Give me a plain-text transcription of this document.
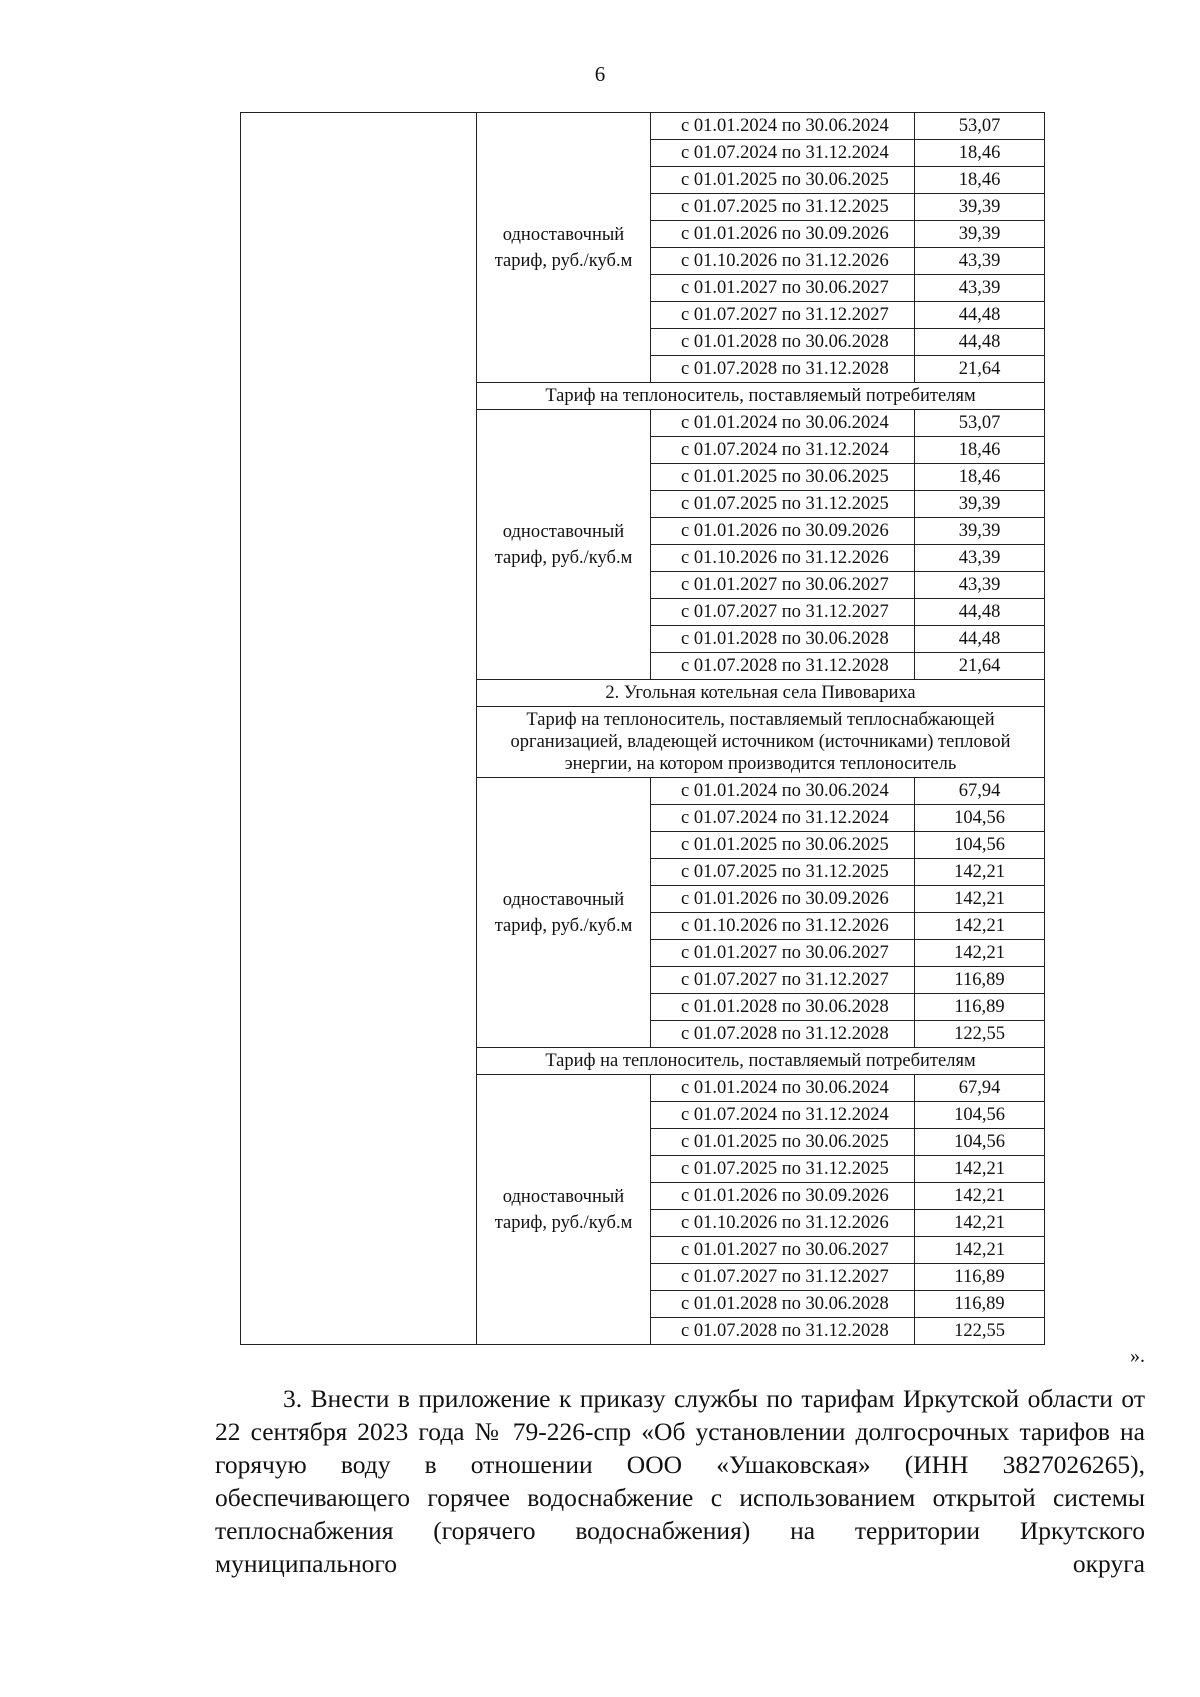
6
	одноставочный тариф, руб./куб.м	с 01.01.2024 по 30.06.2024	53,07
		с 01.07.2024 по 31.12.2024	18,46
		с 01.01.2025 по 30.06.2025	18,46
		с 01.07.2025 по 31.12.2025	39,39
		с 01.01.2026 по 30.09.2026	39,39
		с 01.10.2026 по 31.12.2026	43,39
		с 01.01.2027 по 30.06.2027	43,39
		с 01.07.2027 по 31.12.2027	44,48
		с 01.01.2028 по 30.06.2028	44,48
		с 01.07.2028 по 31.12.2028	21,64
	Тариф на теплоноситель, поставляемый потребителям		
	одноставочный тариф, руб./куб.м	с 01.01.2024 по 30.06.2024	53,07
		с 01.07.2024 по 31.12.2024	18,46
		с 01.01.2025 по 30.06.2025	18,46
		с 01.07.2025 по 31.12.2025	39,39
		с 01.01.2026 по 30.09.2026	39,39
		с 01.10.2026 по 31.12.2026	43,39
		с 01.01.2027 по 30.06.2027	43,39
		с 01.07.2027 по 31.12.2027	44,48
		с 01.01.2028 по 30.06.2028	44,48
		с 01.07.2028 по 31.12.2028	21,64
	2. Угольная котельная села Пивовариха		
	Тариф на теплоноситель, поставляемый теплоснабжающей организацией, владеющей источником (источниками) тепловой энергии, на котором производится теплоноситель		
	одноставочный тариф, руб./куб.м	с 01.01.2024 по 30.06.2024	67,94
		с 01.07.2024 по 31.12.2024	104,56
		с 01.01.2025 по 30.06.2025	104,56
		с 01.07.2025 по 31.12.2025	142,21
		с 01.01.2026 по 30.09.2026	142,21
		с 01.10.2026 по 31.12.2026	142,21
		с 01.01.2027 по 30.06.2027	142,21
		с 01.07.2027 по 31.12.2027	116,89
		с 01.01.2028 по 30.06.2028	116,89
		с 01.07.2028 по 31.12.2028	122,55
	Тариф на теплоноситель, поставляемый потребителям		
	одноставочный тариф, руб./куб.м	с 01.01.2024 по 30.06.2024	67,94
		с 01.07.2024 по 31.12.2024	104,56
		с 01.01.2025 по 30.06.2025	104,56
		с 01.07.2025 по 31.12.2025	142,21
		с 01.01.2026 по 30.09.2026	142,21
		с 01.10.2026 по 31.12.2026	142,21
		с 01.01.2027 по 30.06.2027	142,21
		с 01.07.2027 по 31.12.2027	116,89
		с 01.01.2028 по 30.06.2028	116,89
		с 01.07.2028 по 31.12.2028	122,55
».

3. Внести в приложение к приказу службы по тарифам Иркутской области от 22 сентября 2023 года № 79-226-спр «Об установлении долгосрочных тарифов на горячую воду в отношении ООО «Ушаковская» (ИНН 3827026265), обеспечивающего горячее водоснабжение с использованием открытой системы теплоснабжения (горячего водоснабжения) на территории Иркутского муниципального округа
